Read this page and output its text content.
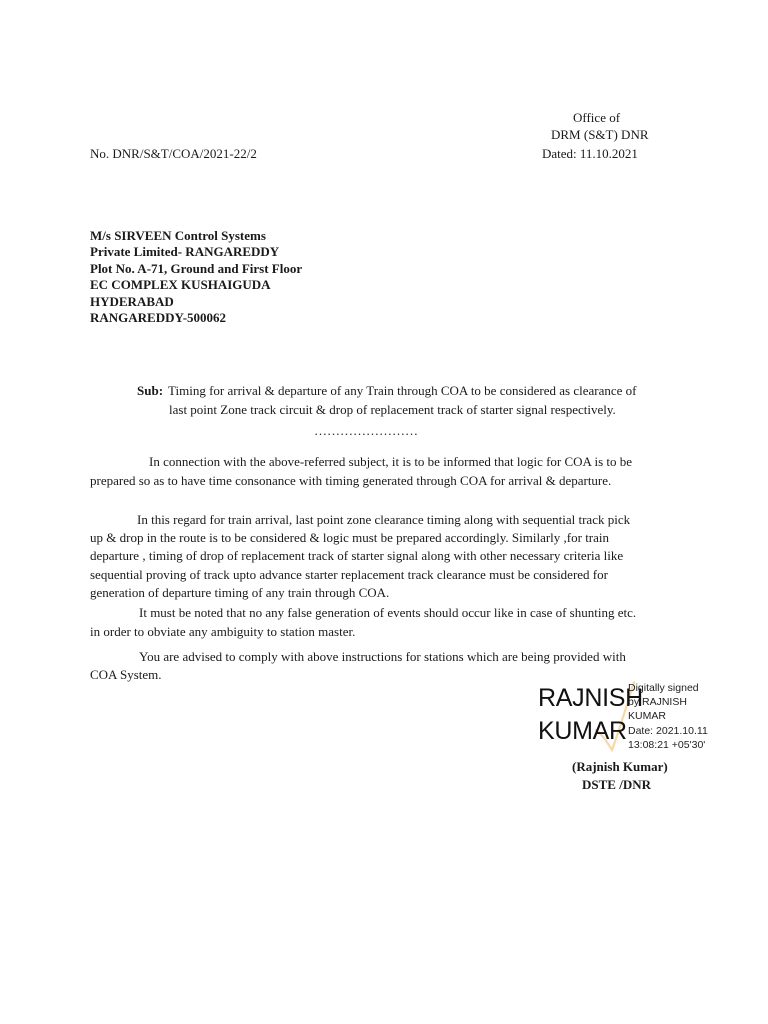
Office of
DRM (S&T) DNR
No. DNR/S&T/COA/2021-22/2	Dated: 11.10.2021
M/s SIRVEEN Control Systems
Private Limited- RANGAREDDY
Plot No. A-71, Ground and First Floor
EC COMPLEX KUSHAIGUDA
HYDERABAD
RANGAREDDY-500062
Sub: Timing for arrival & departure of any Train through COA to be considered as clearance of
last point Zone track circuit & drop of replacement track of starter signal respectively.
……………………
In connection with the above-referred subject, it is to be informed that logic for COA is to be
prepared so as to have time consonance with timing generated through COA for arrival & departure.
In this regard for train arrival, last point zone clearance timing along with sequential track pick
up & drop in the route is to be considered & logic must be prepared accordingly. Similarly ,for train
departure , timing of drop of replacement track of starter signal along with other necessary criteria like
sequential proving of track upto advance starter replacement track clearance must be considered for
generation of departure timing of any train through COA.
It must be noted that no any false generation of events should occur like in case of shunting etc.
in order to obviate any ambiguity to station master.
You are advised to comply with above instructions for stations which are being provided with
COA System.
RAJNISH
KUMAR
Digitally signed
by RAJNISH
KUMAR
Date: 2021.10.11
13:08:21 +05'30'
(Rajnish Kumar)
DSTE /DNR
